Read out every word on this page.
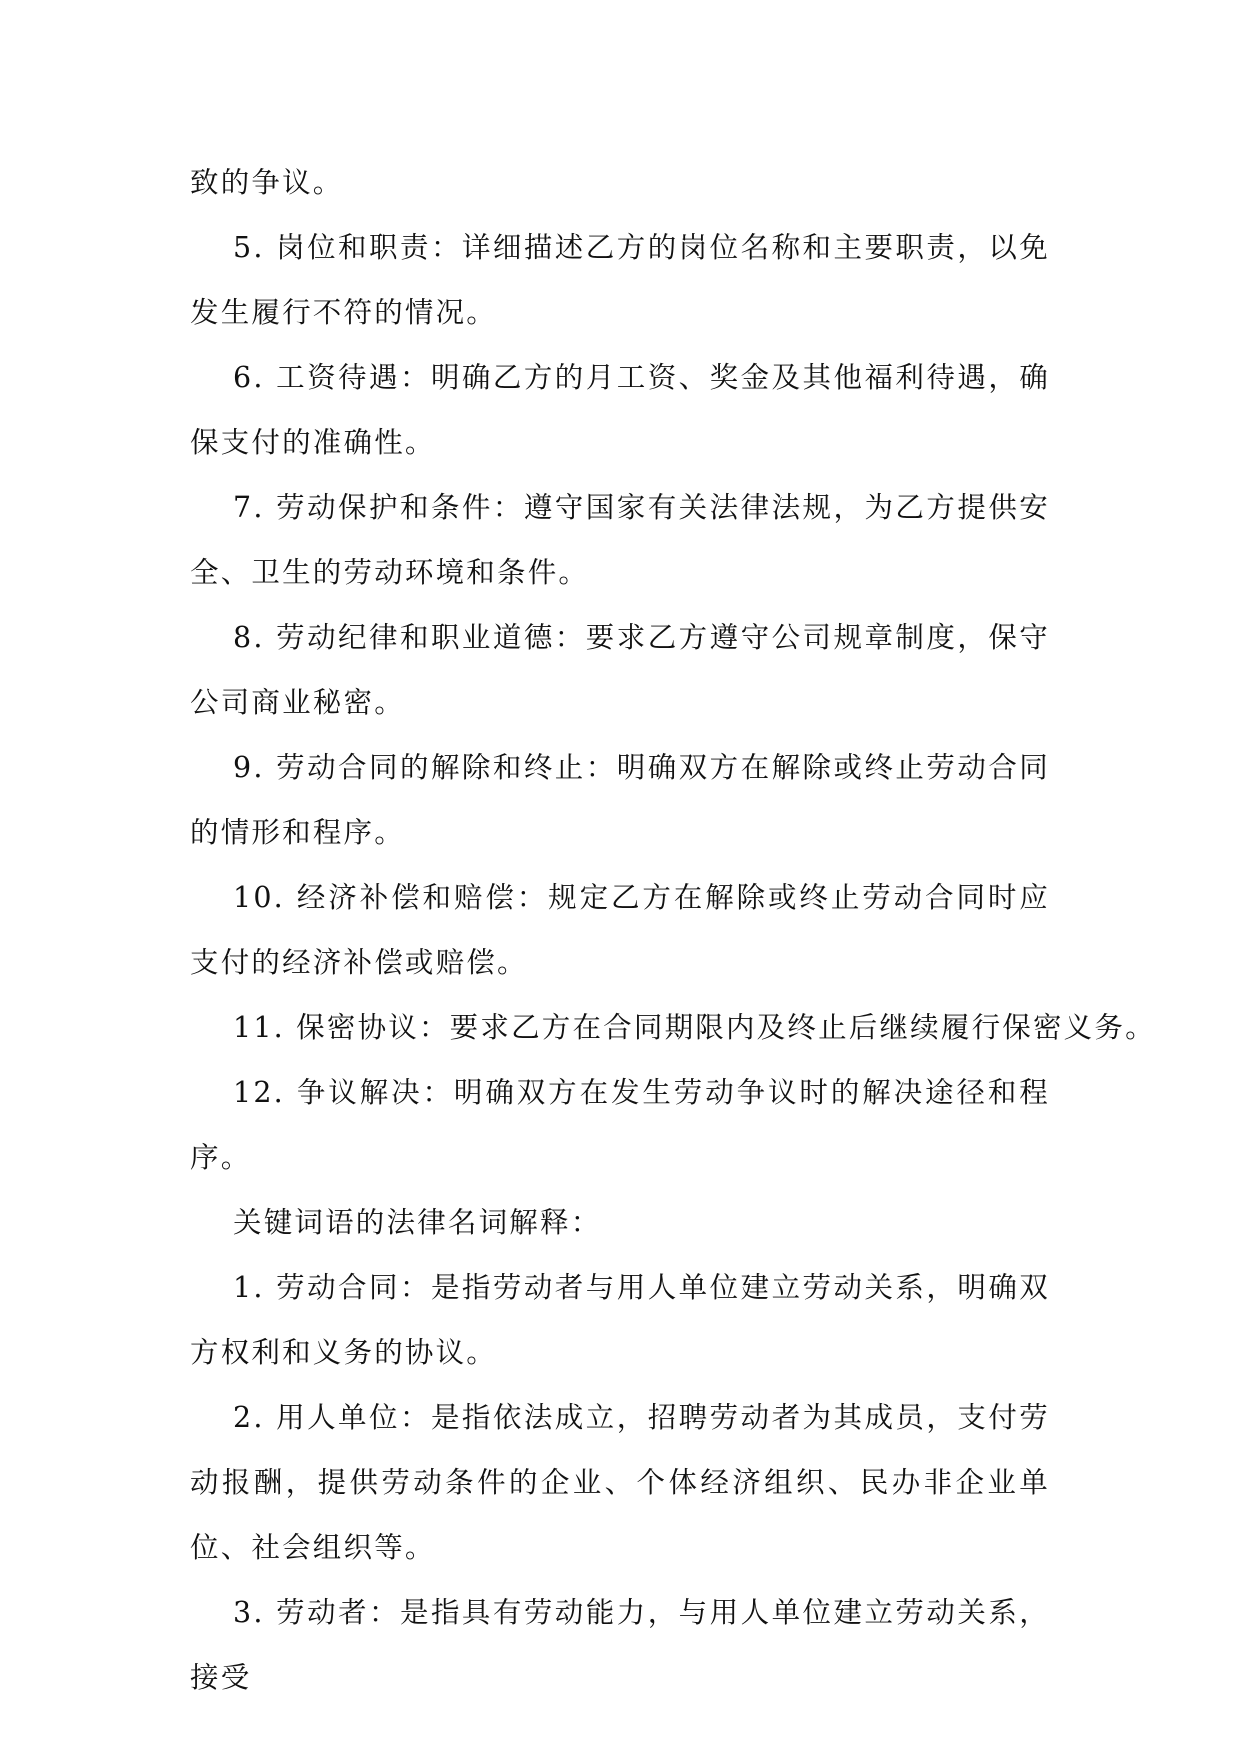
致的争议。

5. 岗位和职责：详细描述乙方的岗位名称和主要职责，以免发生履行不符的情况。

6. 工资待遇：明确乙方的月工资、奖金及其他福利待遇，确保支付的准确性。

7. 劳动保护和条件：遵守国家有关法律法规，为乙方提供安全、卫生的劳动环境和条件。

8. 劳动纪律和职业道德：要求乙方遵守公司规章制度，保守公司商业秘密。

9. 劳动合同的解除和终止：明确双方在解除或终止劳动合同的情形和程序。

10. 经济补偿和赔偿：规定乙方在解除或终止劳动合同时应支付的经济补偿或赔偿。

11. 保密协议：要求乙方在合同期限内及终止后继续履行保密义务。

12. 争议解决：明确双方在发生劳动争议时的解决途径和程序。

关键词语的法律名词解释：

1. 劳动合同：是指劳动者与用人单位建立劳动关系，明确双方权利和义务的协议。

2. 用人单位：是指依法成立，招聘劳动者为其成员，支付劳动报酬，提供劳动条件的企业、个体经济组织、民办非企业单位、社会组织等。

3. 劳动者：是指具有劳动能力，与用人单位建立劳动关系，接受
